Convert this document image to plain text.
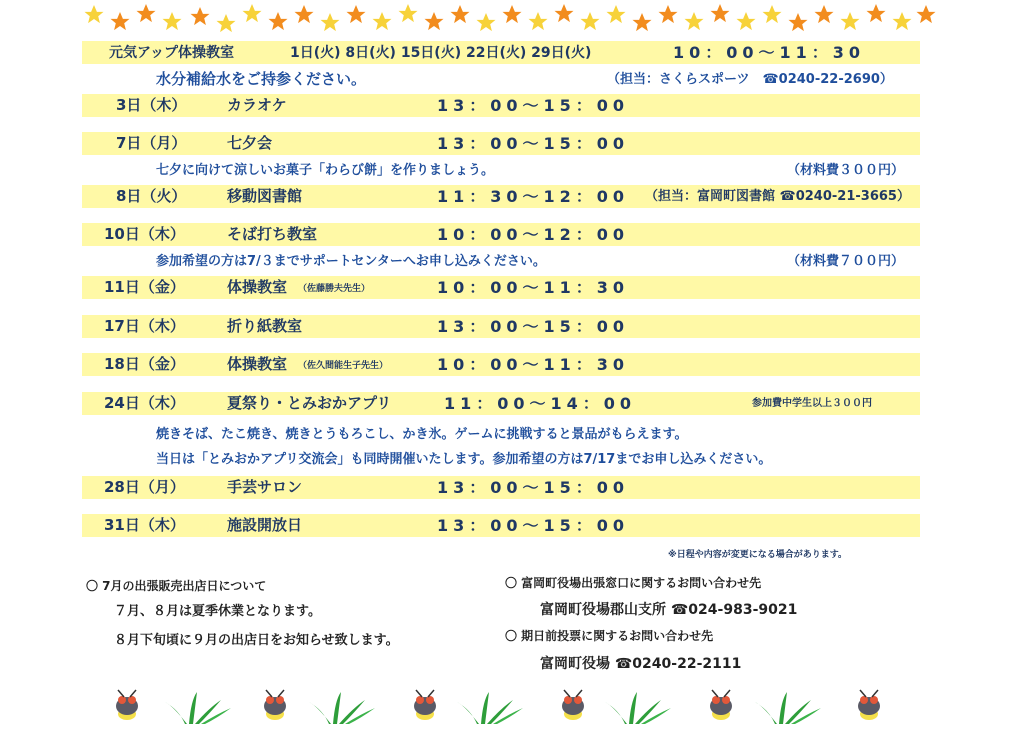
元気アップ体操教室	1日(火) 8日(火) 15日(火) 22日(火) 29日(火)	10：00～11：30
水分補給水をご持参ください。	（担当：さくらスポーツ　☎0240-22-2690）
3日（木）	カラオケ	13：00～15：00
7日（月）	七夕会	13：00～15：00
七夕に向けて涼しいお菓子「わらび餅」を作りましょう。	（材料費３００円）
8日（火）	移動図書館	11：30～12：00 （担当：富岡町図書館 ☎0240-21-3665）
10日（木）	そば打ち教室	10：00～12：00
参加希望の方は7/３までサポートセンターへお申し込みください。	（材料費７００円）
11日（金）	体操教室 （佐藤勝夫先生）	10：00～11：30
17日（木）	折り紙教室	13：00～15：00
18日（金）	体操教室 （佐久間能生子先生）	10：00～11：30
24日（木）	夏祭り・とみおかアプリ	11：00～14：00	参加費中学生以上３００円
焼きそば、たこ焼き、焼きとうもろこし、かき氷。ゲームに挑戦すると景品がもらえます。
当日は「とみおかアプリ交流会」も同時開催いたします。参加希望の方は7/17までお申し込みください。
28日（月）	手芸サロン	13：00～15：00
31日（木）	施設開放日	13：00～15：00
※日程や内容が変更になる場合があります。
〇 7月の出張販売出店日について
７月、８月は夏季休業となります。
８月下旬頃に９月の出店日をお知らせ致します。
〇 富岡町役場出張窓口に関するお問い合わせ先
富岡町役場郡山支所 ☎024-983-9021
〇 期日前投票に関するお問い合わせ先
富岡町役場 ☎0240-22-2111
